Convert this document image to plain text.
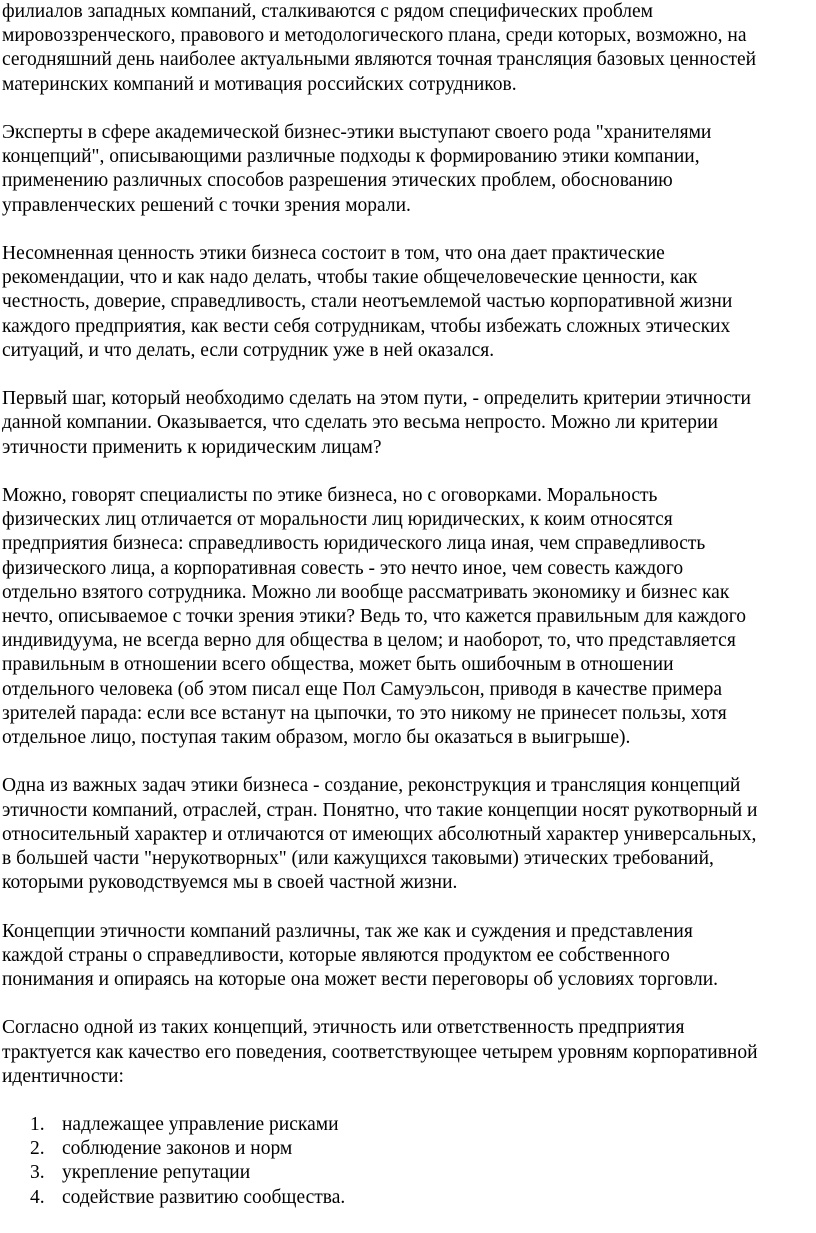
филиалов западных компаний, сталкиваются с рядом специфических проблем
мировоззренческого, правового и методологического плана, среди которых, возможно, на
сегодняшний день наиболее актуальными являются точная трансляция базовых ценностей
материнских компаний и мотивация российских сотрудников.

Эксперты в сфере академической бизнес-этики выступают своего рода "хранителями
концепций", описывающими различные подходы к формированию этики компании,
применению различных способов разрешения этических проблем, обоснованию
управленческих решений с точки зрения морали.

Несомненная ценность этики бизнеса состоит в том, что она дает практические
рекомендации, что и как надо делать, чтобы такие общечеловеческие ценности, как
честность, доверие, справедливость, стали неотъемлемой частью корпоративной жизни
каждого предприятия, как вести себя сотрудникам, чтобы избежать сложных этических
ситуаций, и что делать, если сотрудник уже в ней оказался.

Первый шаг, который необходимо сделать на этом пути, - определить критерии этичности
данной компании. Оказывается, что сделать это весьма непросто. Можно ли критерии
этичности применить к юридическим лицам?

Можно, говорят специалисты по этике бизнеса, но с оговорками. Моральность
физических лиц отличается от моральности лиц юридических, к коим относятся
предприятия бизнеса: справедливость юридического лица иная, чем справедливость
физического лица, а корпоративная совесть - это нечто иное, чем совесть каждого
отдельно взятого сотрудника. Можно ли вообще рассматривать экономику и бизнес как
нечто, описываемое с точки зрения этики? Ведь то, что кажется правильным для каждого
индивидуума, не всегда верно для общества в целом; и наоборот, то, что представляется
правильным в отношении всего общества, может быть ошибочным в отношении
отдельного человека (об этом писал еще Пол Самуэльсон, приводя в качестве примера
зрителей парада: если все встанут на цыпочки, то это никому не принесет пользы, хотя
отдельное лицо, поступая таким образом, могло бы оказаться в выигрыше).

Одна из важных задач этики бизнеса - создание, реконструкция и трансляция концепций
этичности компаний, отраслей, стран. Понятно, что такие концепции носят рукотворный и
относительный характер и отличаются от имеющих абсолютный характер универсальных,
в большей части "нерукотворных" (или кажущихся таковыми) этических требований,
которыми руководствуемся мы в своей частной жизни.

Концепции этичности компаний различны, так же как и суждения и представления
каждой страны о справедливости, которые являются продуктом ее собственного
понимания и опираясь на которые она может вести переговоры об условиях торговли.

Согласно одной из таких концепций, этичность или ответственность предприятия
трактуется как качество его поведения, соответствующее четырем уровням корпоративной
идентичности:

1. надлежащее управление рисками
2. соблюдение законов и норм
3. укрепление репутации
4. содействие развитию сообщества.
